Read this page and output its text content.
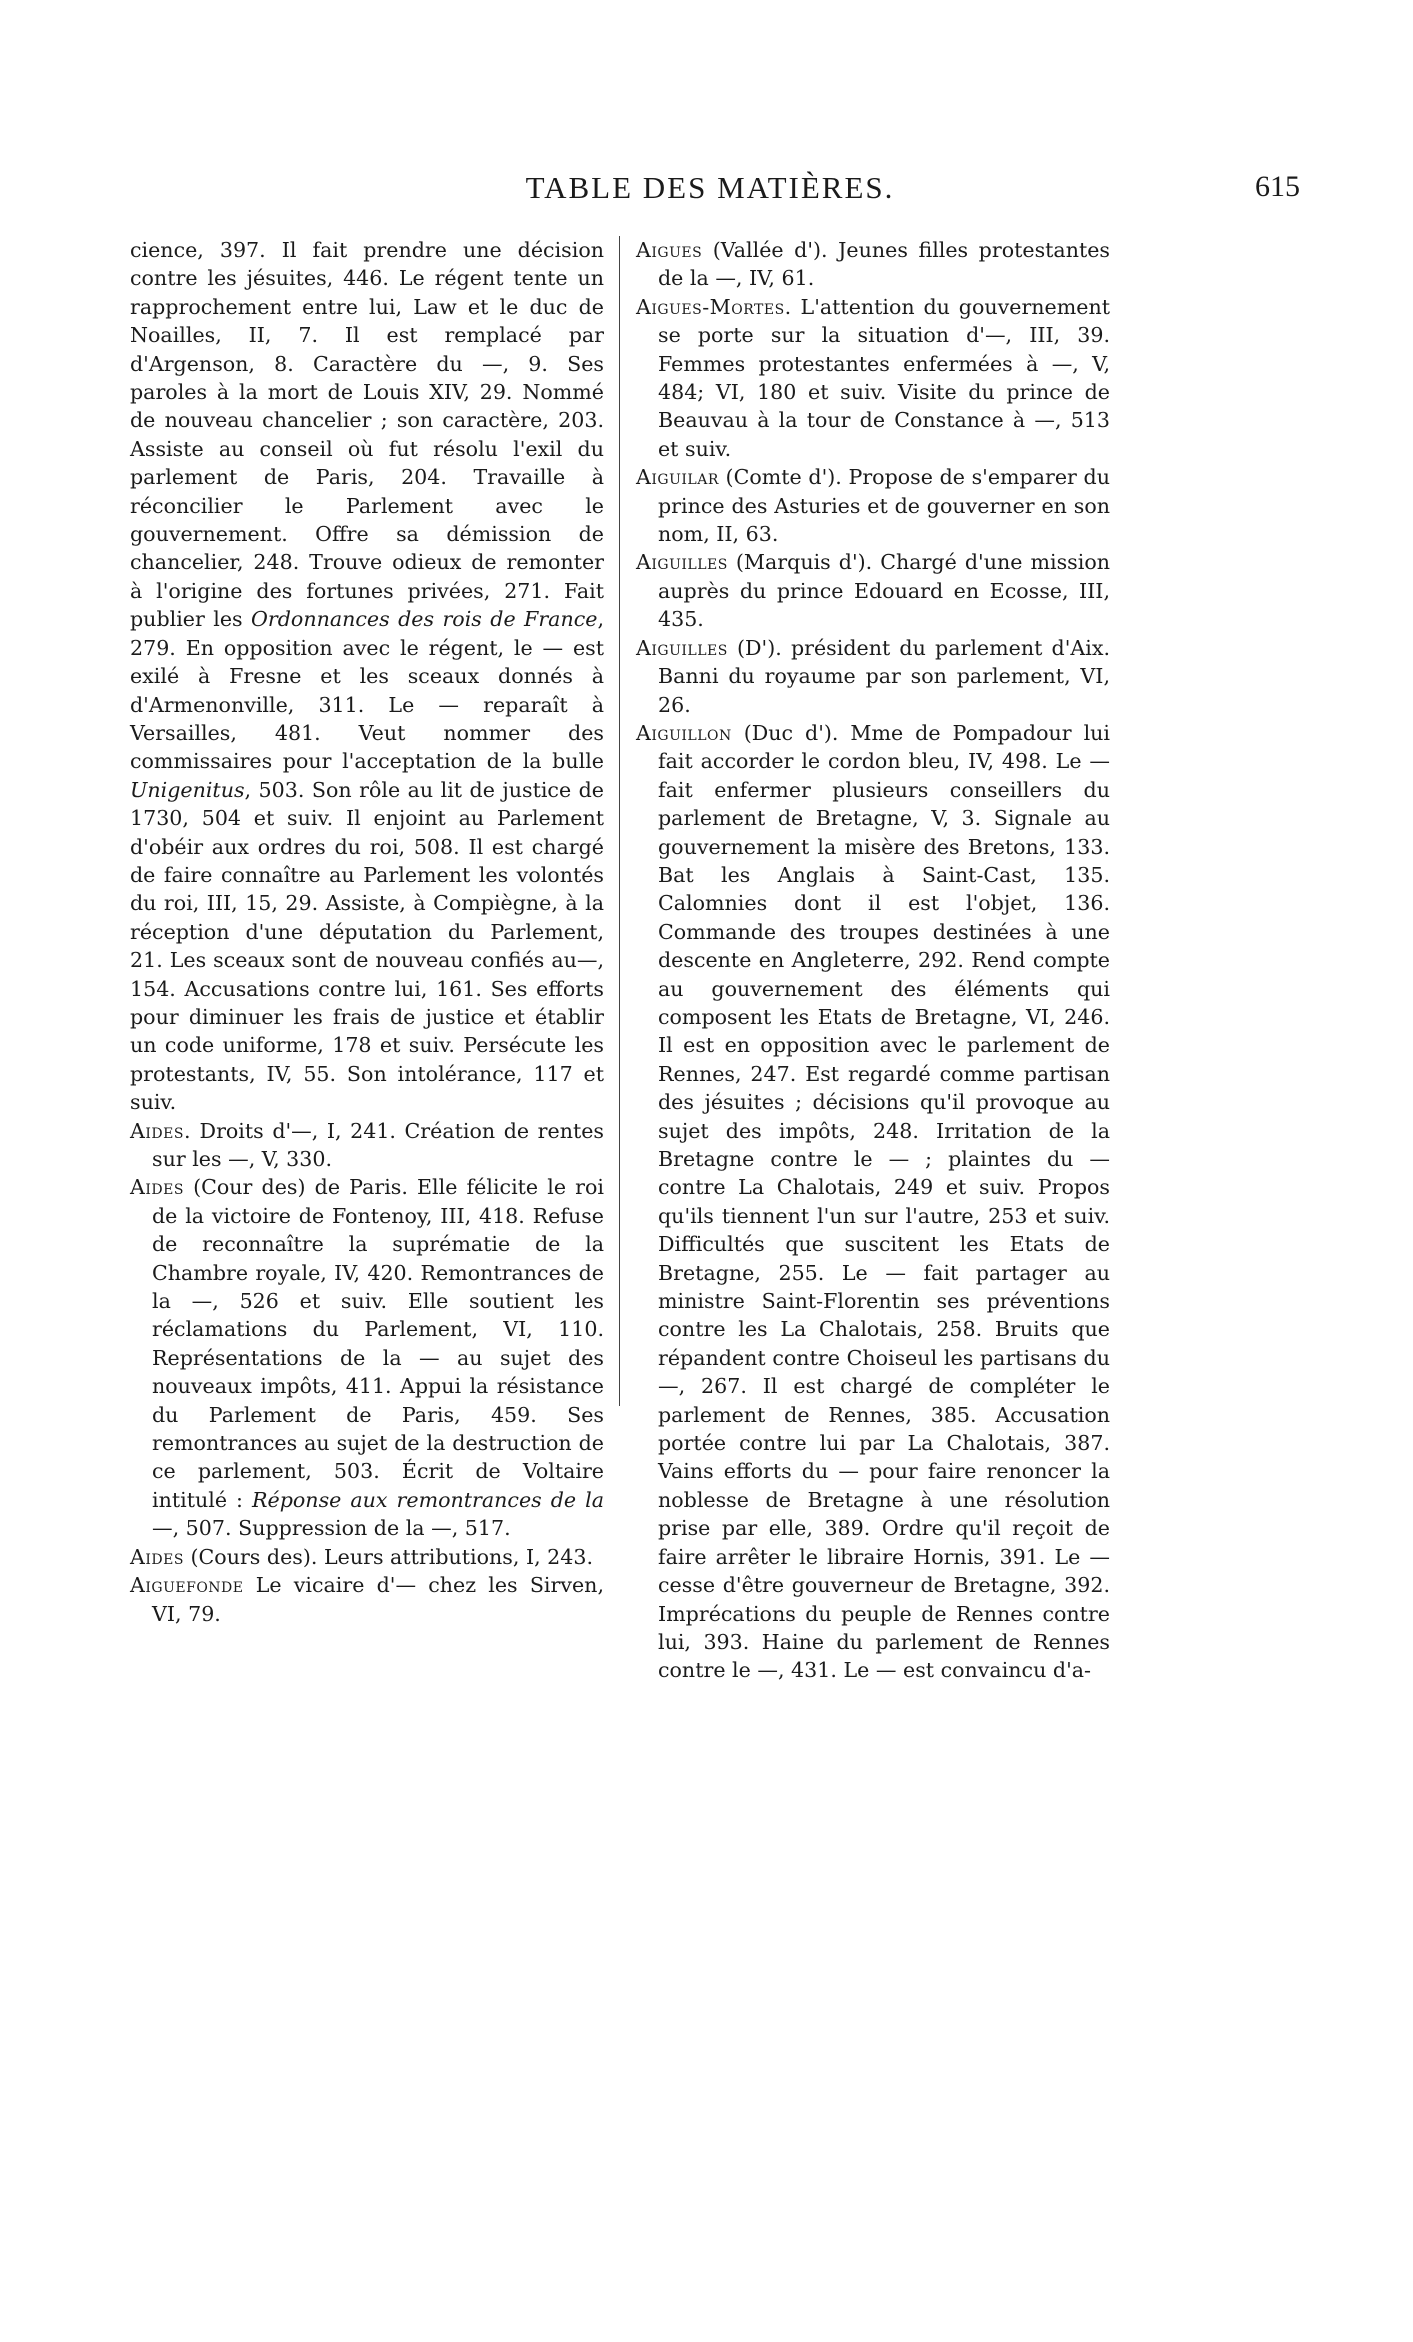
TABLE DES MATIÈRES.	615

cience, 397. Il fait prendre une décision contre les jésuites, 446. Le régent tente un rapprochement entre lui, Law et le duc de Noailles, II, 7. Il est remplacé par d'Argenson, 8. Caractère du —, 9. Ses paroles à la mort de Louis XIV, 29. Nommé de nouveau chancelier ; son caractère, 203. Assiste au conseil où fut résolu l'exil du parlement de Paris, 204. Travaille à réconcilier le Parlement avec le gouvernement. Offre sa démission de chancelier, 248. Trouve odieux de remonter à l'origine des fortunes privées, 271. Fait publier les Ordonnances des rois de France, 279. En opposition avec le régent, le — est exilé à Fresne et les sceaux donnés à d'Armenonville, 311. Le — reparaît à Versailles, 481. Veut nommer des commissaires pour l'acceptation de la bulle Unigenitus, 503. Son rôle au lit de justice de 1730, 504 et suiv. Il enjoint au Parlement d'obéir aux ordres du roi, 508. Il est chargé de faire connaître au Parlement les volontés du roi, III, 15, 29. Assiste, à Compiègne, à la réception d'une députation du Parlement, 21. Les sceaux sont de nouveau confiés au—, 154. Accusations contre lui, 161. Ses efforts pour diminuer les frais de justice et établir un code uniforme, 178 et suiv. Persécute les protestants, IV, 55. Son intolérance, 117 et suiv.

Aides. Droits d'—, I, 241. Création de rentes sur les —, V, 330.

Aides (Cour des) de Paris. Elle félicite le roi de la victoire de Fontenoy, III, 418. Refuse de reconnaître la suprématie de la Chambre royale, IV, 420. Remontrances de la —, 526 et suiv. Elle soutient les réclamations du Parlement, VI, 110. Représentations de la — au sujet des nouveaux impôts, 411. Appui la résistance du Parlement de Paris, 459. Ses remontrances au sujet de la destruction de ce parlement, 503. Écrit de Voltaire intitulé : Réponse aux remontrances de la —, 507. Suppression de la —, 517.

Aides (Cours des). Leurs attributions, I, 243.

Aiguefonde Le vicaire d'— chez les Sirven, VI, 79.

Aigues (Vallée d'). Jeunes filles protestantes de la —, IV, 61.

Aigues-Mortes. L'attention du gouvernement se porte sur la situation d'—, III, 39. Femmes protestantes enfermées à —, V, 484; VI, 180 et suiv. Visite du prince de Beauvau à la tour de Constance à —, 513 et suiv.

Aiguilar (Comte d'). Propose de s'emparer du prince des Asturies et de gouverner en son nom, II, 63.

Aiguilles (Marquis d'). Chargé d'une mission auprès du prince Edouard en Ecosse, III, 435.

Aiguilles (D'). président du parlement d'Aix. Banni du royaume par son parlement, VI, 26.

Aiguillon (Duc d'). Mme de Pompadour lui fait accorder le cordon bleu, IV, 498. Le — fait enfermer plusieurs conseillers du parlement de Bretagne, V, 3. Signale au gouvernement la misère des Bretons, 133. Bat les Anglais à Saint-Cast, 135. Calomnies dont il est l'objet, 136. Commande des troupes destinées à une descente en Angleterre, 292. Rend compte au gouvernement des éléments qui composent les Etats de Bretagne, VI, 246. Il est en opposition avec le parlement de Rennes, 247. Est regardé comme partisan des jésuites ; décisions qu'il provoque au sujet des impôts, 248. Irritation de la Bretagne contre le — ; plaintes du — contre La Chalotais, 249 et suiv. Propos qu'ils tiennent l'un sur l'autre, 253 et suiv. Difficultés que suscitent les Etats de Bretagne, 255. Le — fait partager au ministre Saint-Florentin ses préventions contre les La Chalotais, 258. Bruits que répandent contre Choiseul les partisans du —, 267. Il est chargé de compléter le parlement de Rennes, 385. Accusation portée contre lui par La Chalotais, 387. Vains efforts du — pour faire renoncer la noblesse de Bretagne à une résolution prise par elle, 389. Ordre qu'il reçoit de faire arrêter le libraire Hornis, 391. Le — cesse d'être gouverneur de Bretagne, 392. Imprécations du peuple de Rennes contre lui, 393. Haine du parlement de Rennes contre le —, 431. Le — est convaincu d'a-
